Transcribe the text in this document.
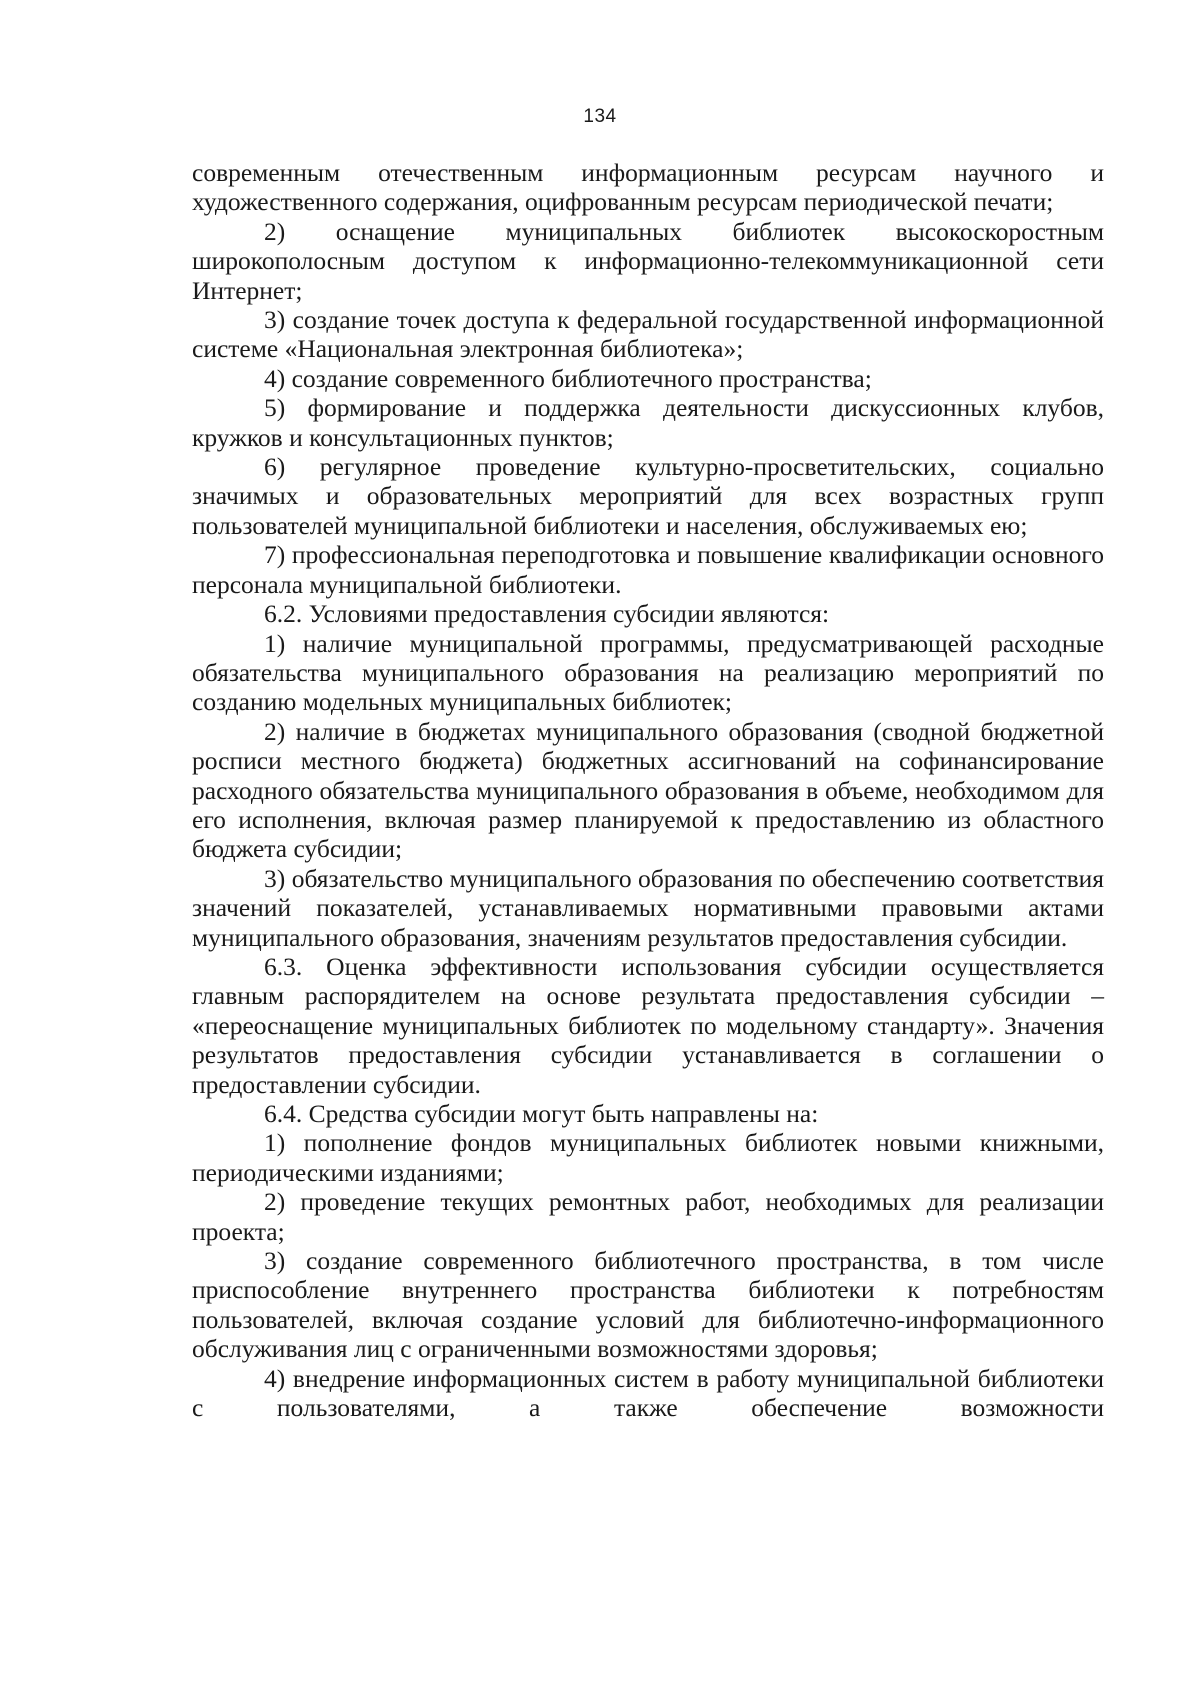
134

современным отечественным информационным ресурсам научного и художественного содержания, оцифрованным ресурсам периодической печати;

2) оснащение муниципальных библиотек высокоскоростным широкополосным доступом к информационно-телекоммуникационной сети Интернет;

3) создание точек доступа к федеральной государственной информационной системе «Национальная электронная библиотека»;

4) создание современного библиотечного пространства;

5) формирование и поддержка деятельности дискуссионных клубов, кружков и консультационных пунктов;

6) регулярное проведение культурно-просветительских, социально значимых и образовательных мероприятий для всех возрастных групп пользователей муниципальной библиотеки и населения, обслуживаемых ею;

7) профессиональная переподготовка и повышение квалификации основного персонала муниципальной библиотеки.

6.2. Условиями предоставления субсидии являются:

1) наличие муниципальной программы, предусматривающей расходные обязательства муниципального образования на реализацию мероприятий по созданию модельных муниципальных библиотек;

2) наличие в бюджетах муниципального образования (сводной бюджетной росписи местного бюджета) бюджетных ассигнований на софинансирование расходного обязательства муниципального образования в объеме, необходимом для его исполнения, включая размер планируемой к предоставлению из областного бюджета субсидии;

3) обязательство муниципального образования по обеспечению соответствия значений показателей, устанавливаемых нормативными правовыми актами муниципального образования, значениям результатов предоставления субсидии.

6.3. Оценка эффективности использования субсидии осуществляется главным распорядителем на основе результата предоставления субсидии – «переоснащение муниципальных библиотек по модельному стандарту». Значения результатов предоставления субсидии устанавливается в соглашении о предоставлении субсидии.

6.4. Средства субсидии могут быть направлены на:

1) пополнение фондов муниципальных библиотек новыми книжными, периодическими изданиями;

2) проведение текущих ремонтных работ, необходимых для реализации проекта;

3) создание современного библиотечного пространства, в том числе приспособление внутреннего пространства библиотеки к потребностям пользователей, включая создание условий для библиотечно-информационного обслуживания лиц с ограниченными возможностями здоровья;

4) внедрение информационных систем в работу муниципальной библиотеки с пользователями, а также обеспечение возможности
